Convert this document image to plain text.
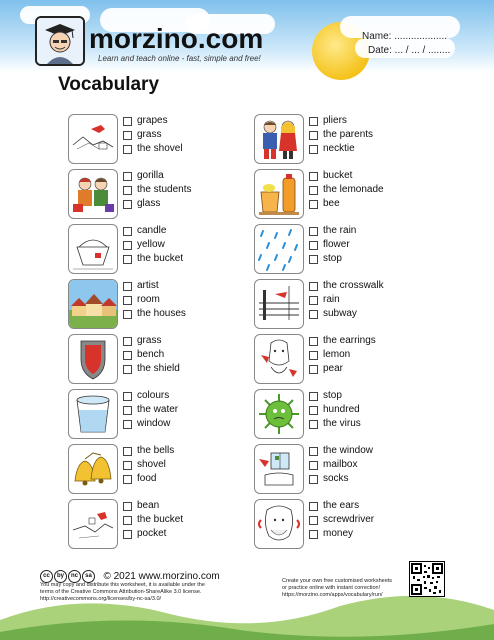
morzino.com
Learn and teach online - fast, simple and free!
Name: ...................
Date: ... / ... / ........
Vocabulary
grapes
grass
the shovel
gorilla
the students
glass
candle
yellow
the bucket
artist
room
the houses
grass
bench
the shield
colours
the water
window
the bells
shovel
food
bean
the bucket
pocket
pliers
the parents
necktie
bucket
the lemonade
bee
the rain
flower
stop
the crosswalk
rain
subway
the earrings
lemon
pear
stop
hundred
the virus
the window
mailbox
socks
the ears
screwdriver
money
cc	by	nc	sa	© 2021 www.morzino.com
You may copy and distribute this worksheet, it is available under the
terms of the Creative Commons Attribution-ShareAlike 3.0 license.
http://creativecommons.org/licenses/by-nc-sa/3.0/
Create your own free customised worksheets
or practice online with instant correction!
https://morzino.com/apps/vocabulary/run/
